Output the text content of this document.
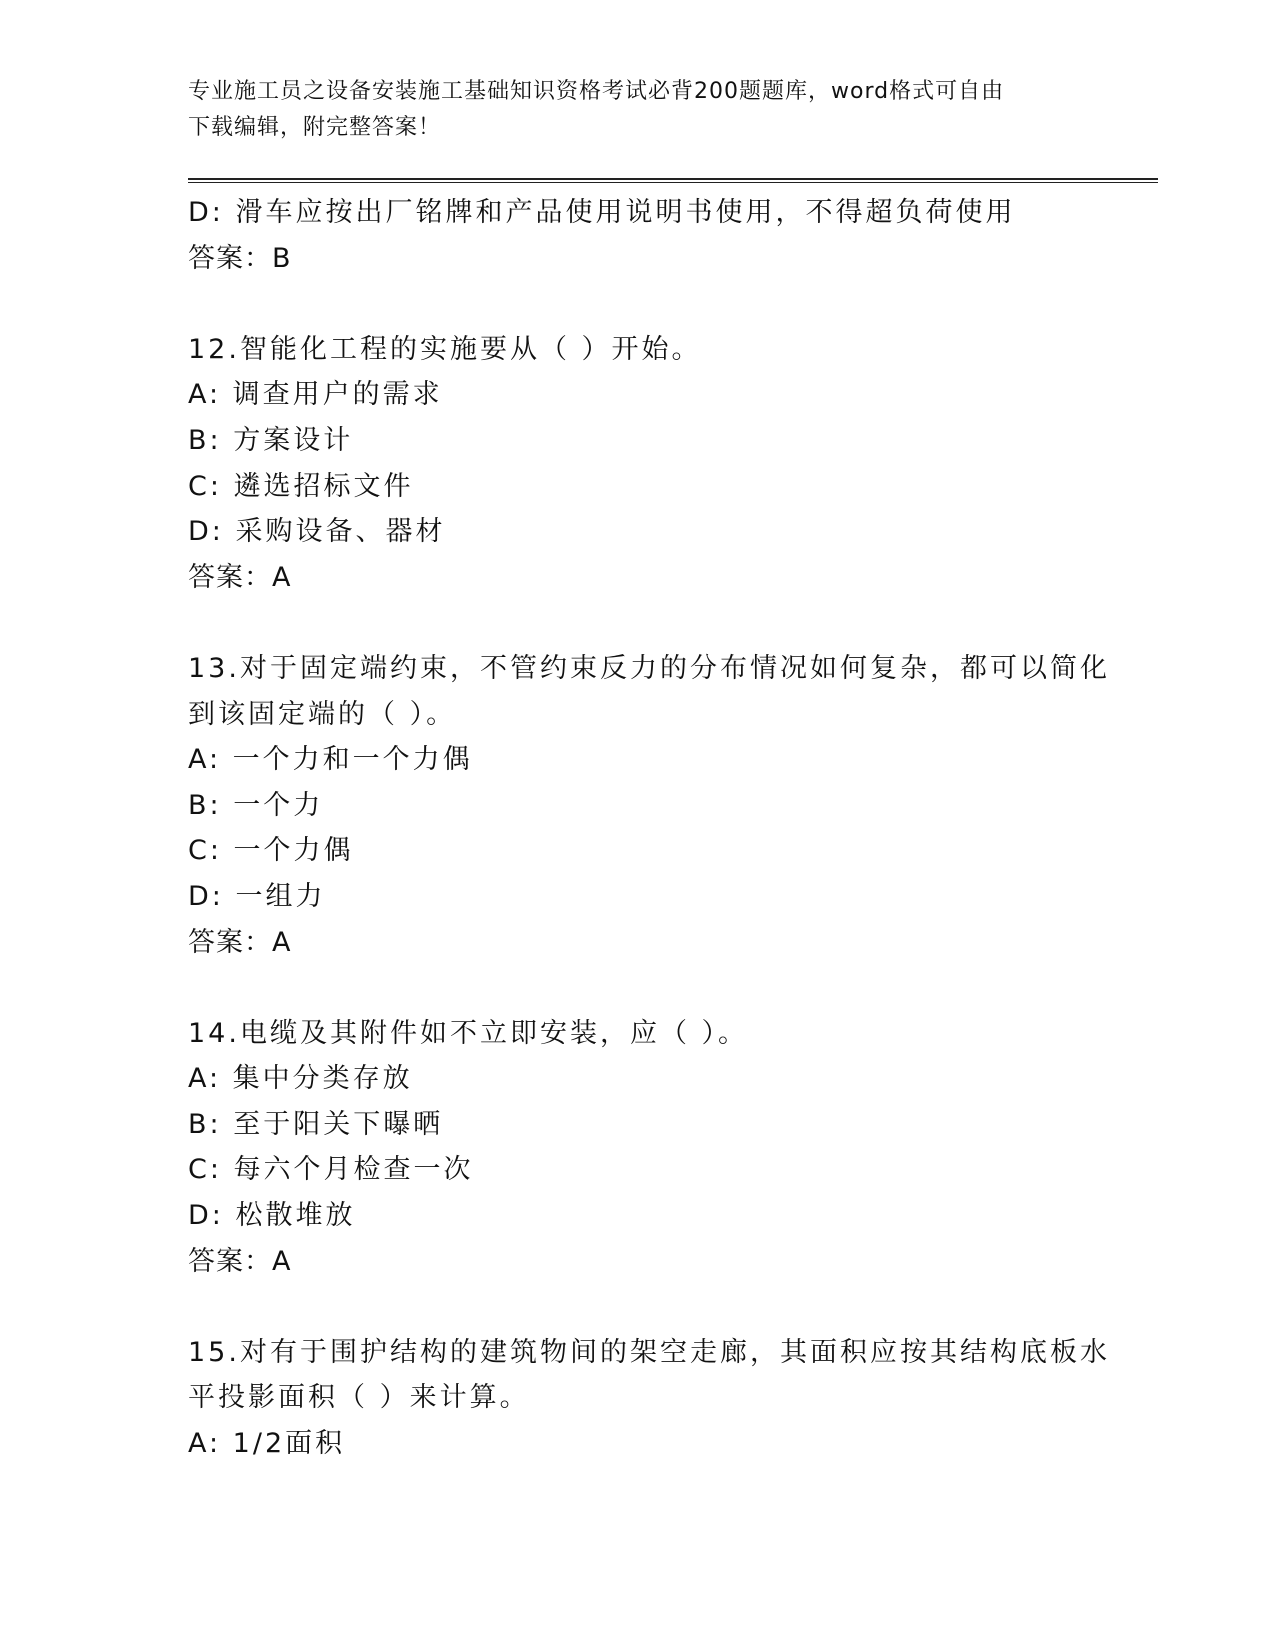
专业施工员之设备安装施工基础知识资格考试必背200题题库，word格式可自由
下载编辑，附完整答案！
D: 滑车应按出厂铭牌和产品使用说明书使用，不得超负荷使用
答案：B
12.智能化工程的实施要从（ ）开始。
A: 调查用户的需求
B: 方案设计
C: 遴选招标文件
D: 采购设备、器材
答案：A
13.对于固定端约束，不管约束反力的分布情况如何复杂，都可以简化
到该固定端的（ ）。
A: 一个力和一个力偶
B: 一个力
C: 一个力偶
D: 一组力
答案：A
14.电缆及其附件如不立即安装，应（ ）。
A: 集中分类存放
B: 至于阳关下曝晒
C: 每六个月检查一次
D: 松散堆放
答案：A
15.对有于围护结构的建筑物间的架空走廊，其面积应按其结构底板水
平投影面积（ ）来计算。
A: 1/2面积
